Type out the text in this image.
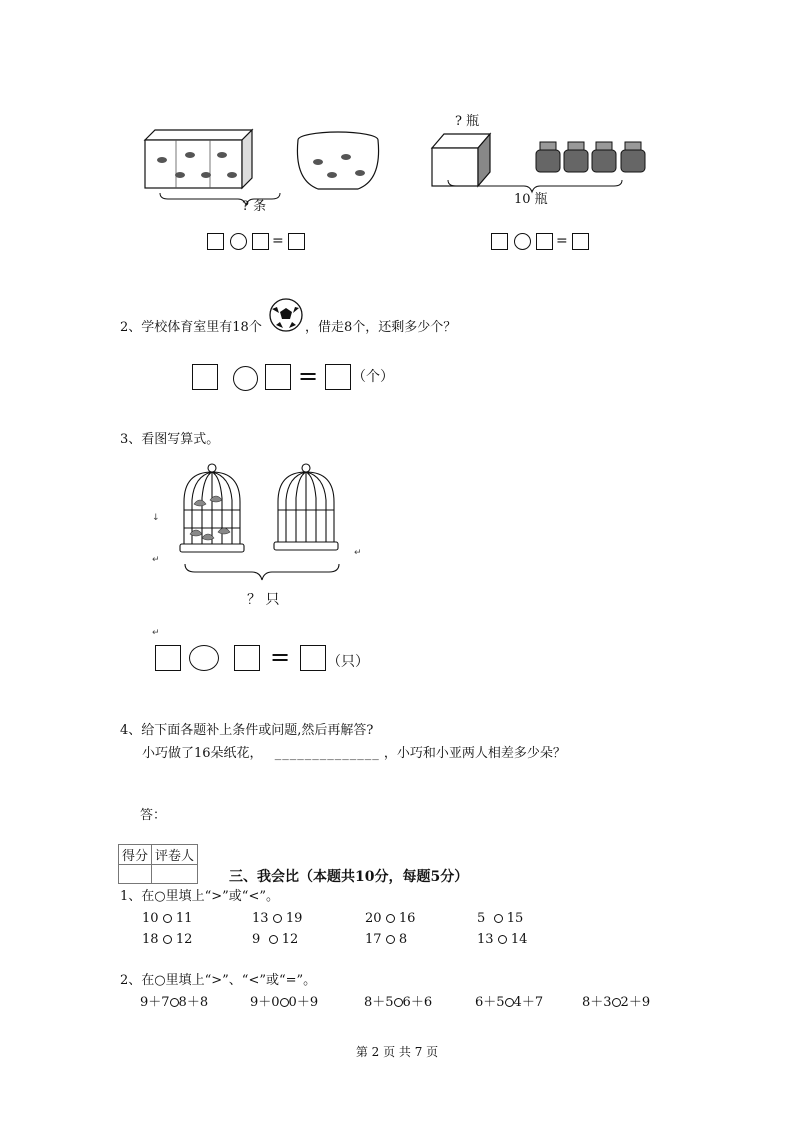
? 条
=
? 瓶
10 瓶
=
2、学校体育室里有18个	，借走8个，还剩多少个？
= （个）
3、看图写算式。
↓
↵
↵
？ 只
↵
=	（只）
4、给下面各题补上条件或问题,然后再解答?
小巧做了16朵纸花， ______________ ，小巧和小亚两人相差多少朵？
答：
得分	评卷人

三、我会比（本题共10分，每题5分）
1、在○里填上“>”或“<”。
10 11	13 19	20 16	5 15
18 12	9 12	17 8	13 14
2、在○里填上“>”、“<”或“=”。
9＋7 8＋8	9＋0 0＋9	8＋5 6＋6	6＋5 4＋7	8＋3 2＋9
第 2 页 共 7 页
